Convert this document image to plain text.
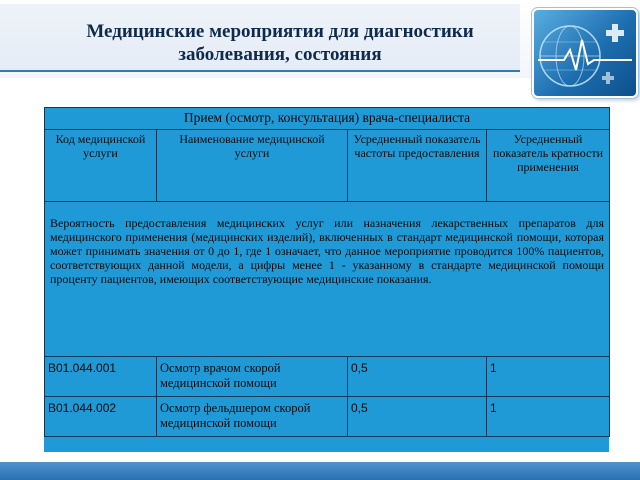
Медицинские мероприятия для диагностики
заболевания, состояния
Прием (осмотр, консультация) врача-специалиста			
Код медицинской услуги	Наименование медицинской услуги	Усредненный показатель частоты предоставления	Усредненный показатель кратности применения
Вероятность предоставления медицинских услуг или назначения лекарственных препаратов для медицинского применения (медицинских изделий), включенных в стандарт медицинской помощи, которая может принимать значения от 0 до 1, где 1 означает, что данное мероприятие проводится 100% пациентов, соответствующих данной модели, а цифры менее 1 - указанному в стандарте медицинской помощи проценту пациентов, имеющих соответствующие медицинские показания.			
B01.044.001	Осмотр врачом скорой медицинской помощи	0,5	1
B01.044.002	Осмотр фельдшером скорой медицинской помощи	0,5	1
